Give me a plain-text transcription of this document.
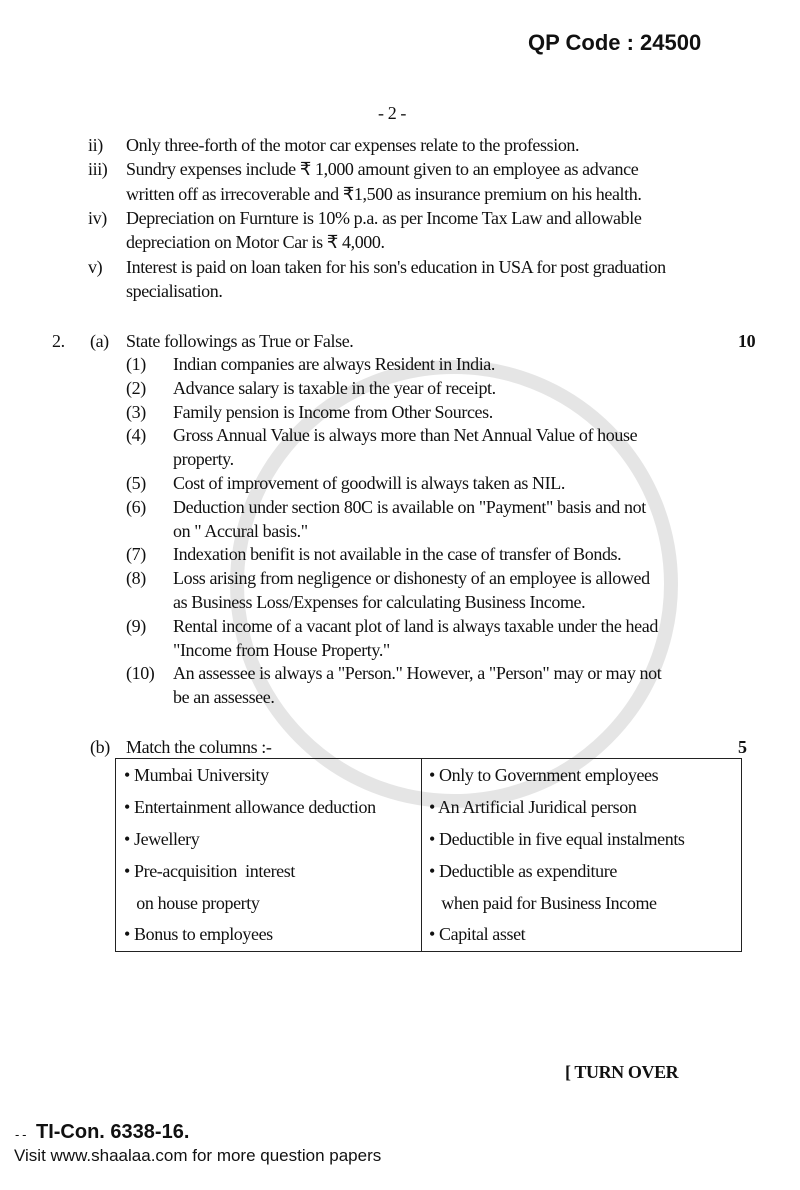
QP Code : 24500
- 2 -
2. (a) State followings as True or False.	10
(b) Match the columns :-	5
• Mumbai University
• Entertainment allowance deduction
• Jewellery
• Pre-acquisition  interest
on house property
• Bonus to employees
• Only to Government employees
• An Artificial Juridical person
• Deductible in five equal instalments
• Deductible as expenditure
when paid for Business Income
• Capital asset
[ TURN OVER
- - TI-Con. 6338-16.
Visit www.shaalaa.com for more question papers
ii) Only three-forth of the motor car expenses relate to the profession.
iii) Sundry expenses include ₹ 1,000 amount given to an employee as advance
written off as irrecoverable and ₹1,500 as insurance premium on his health.
iv) Depreciation on Furnture is 10% p.a. as per Income Tax Law and allowable
depreciation on Motor Car is ₹ 4,000.
v) Interest is paid on loan taken for his son's education in USA for post graduation
specialisation.
(1) Indian companies are always Resident in India.
(2) Advance salary is taxable in the year of receipt.
(3) Family pension is Income from Other Sources.
(4) Gross Annual Value is always more than Net Annual Value of house
property.
(5) Cost of improvement of goodwill is always taken as NIL.
(6) Deduction under section 80C is available on "Payment" basis and not
on " Accural basis."
(7) Indexation benifit is not available in the case of transfer of Bonds.
(8) Loss arising from negligence or dishonesty of an employee is allowed
as Business Loss/Expenses for calculating Business Income.
(9) Rental income of a vacant plot of land is always taxable under the head
"Income from House Property."
(10) An assessee is always a "Person." However, a "Person" may or may not
be an assessee.
